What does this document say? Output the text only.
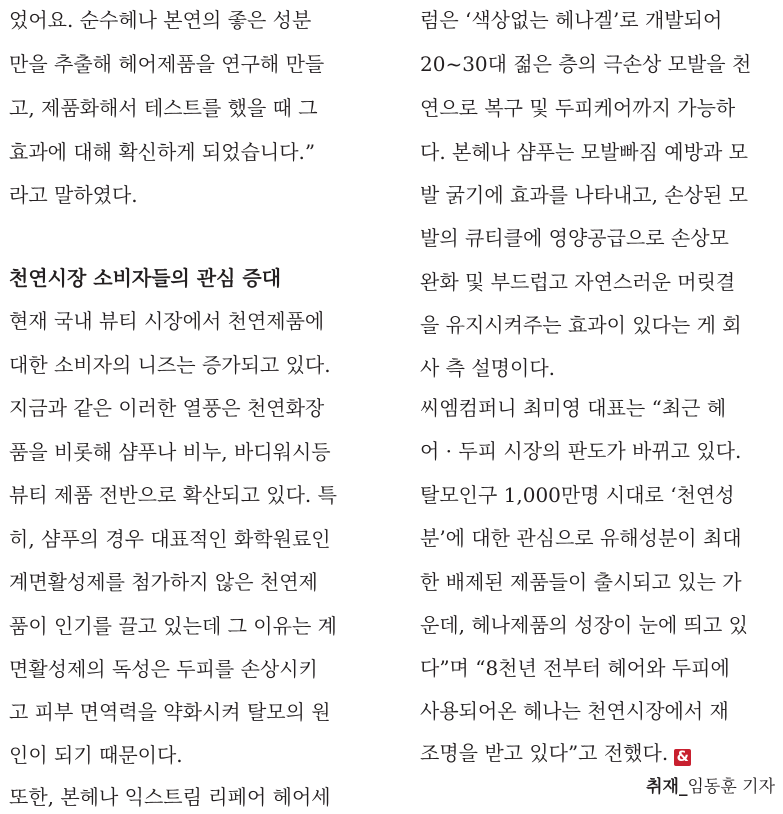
었어요. 순수헤나 본연의 좋은 성분
만을 추출해 헤어제품을 연구해 만들
고, 제품화해서 테스트를 했을 때 그
효과에 대해 확신하게 되었습니다.”
라고 말하였다.
천연시장 소비자들의 관심 증대
현재 국내 뷰티 시장에서 천연제품에
대한 소비자의 니즈는 증가되고 있다.
지금과 같은 이러한 열풍은 천연화장
품을 비롯해 샴푸나 비누, 바디워시등
뷰티 제품 전반으로 확산되고 있다. 특
히, 샴푸의 경우 대표적인 화학원료인
계면활성제를 첨가하지 않은 천연제
품이 인기를 끌고 있는데 그 이유는 계
면활성제의 독성은 두피를 손상시키
고 피부 면역력을 약화시켜 탈모의 원
인이 되기 때문이다.
또한, 본헤나 익스트림 리페어 헤어세
럼은 ‘색상없는 헤나겔’로 개발되어
20~30대 젊은 층의 극손상 모발을 천
연으로 복구 및 두피케어까지 가능하
다. 본헤나 샴푸는 모발빠짐 예방과 모
발 굵기에 효과를 나타내고, 손상된 모
발의 큐티클에 영양공급으로 손상모
완화 및 부드럽고 자연스러운 머릿결
을 유지시켜주는 효과이 있다는 게 회
사 측 설명이다.
씨엠컴퍼니 최미영 대표는 “최근 헤
어 · 두피 시장의 판도가 바뀌고 있다.
탈모인구 1,000만명 시대로 ‘천연성
분’에 대한 관심으로 유해성분이 최대
한 배제된 제품들이 출시되고 있는 가
운데, 헤나제품의 성장이 눈에 띄고 있
다”며 “8천년 전부터 헤어와 두피에
사용되어온 헤나는 천연시장에서 재
조명을 받고 있다”고 전했다. &
취재_임동훈 기자
